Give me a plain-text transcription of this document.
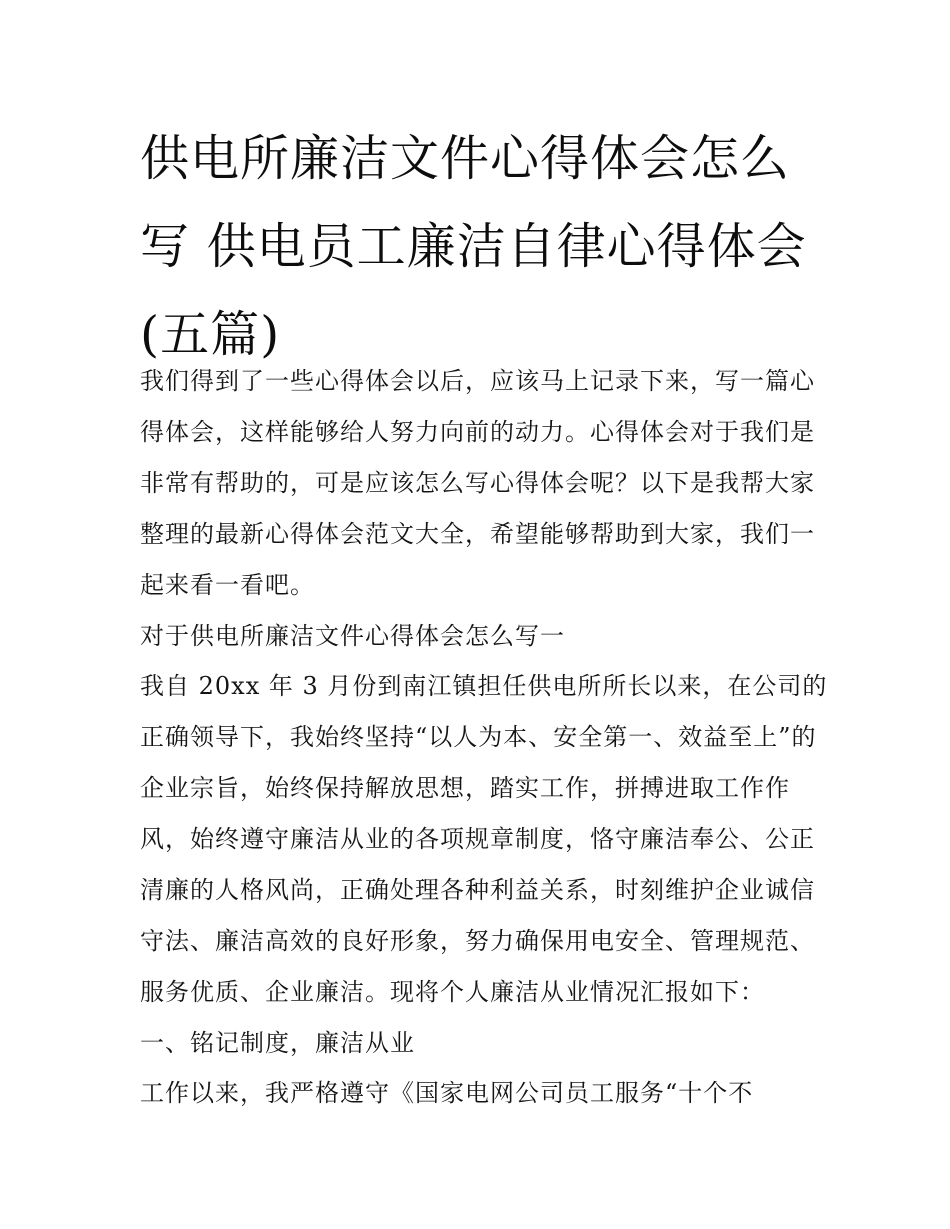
供电所廉洁文件心得体会怎么
写 供电员工廉洁自律心得体会
(五篇)
我们得到了一些心得体会以后，应该马上记录下来，写一篇心
得体会，这样能够给人努力向前的动力。心得体会对于我们是
非常有帮助的，可是应该怎么写心得体会呢？以下是我帮大家
整理的最新心得体会范文大全，希望能够帮助到大家，我们一
起来看一看吧。
对于供电所廉洁文件心得体会怎么写一
我自 20xx 年 3 月份到南江镇担任供电所所长以来，在公司的
正确领导下，我始终坚持“以人为本、安全第一、效益至上”的
企业宗旨，始终保持解放思想，踏实工作，拼搏进取工作作
风，始终遵守廉洁从业的各项规章制度，恪守廉洁奉公、公正
清廉的人格风尚，正确处理各种利益关系，时刻维护企业诚信
守法、廉洁高效的良好形象，努力确保用电安全、管理规范、
服务优质、企业廉洁。现将个人廉洁从业情况汇报如下：
一、铭记制度，廉洁从业
工作以来，我严格遵守《国家电网公司员工服务“十个不
